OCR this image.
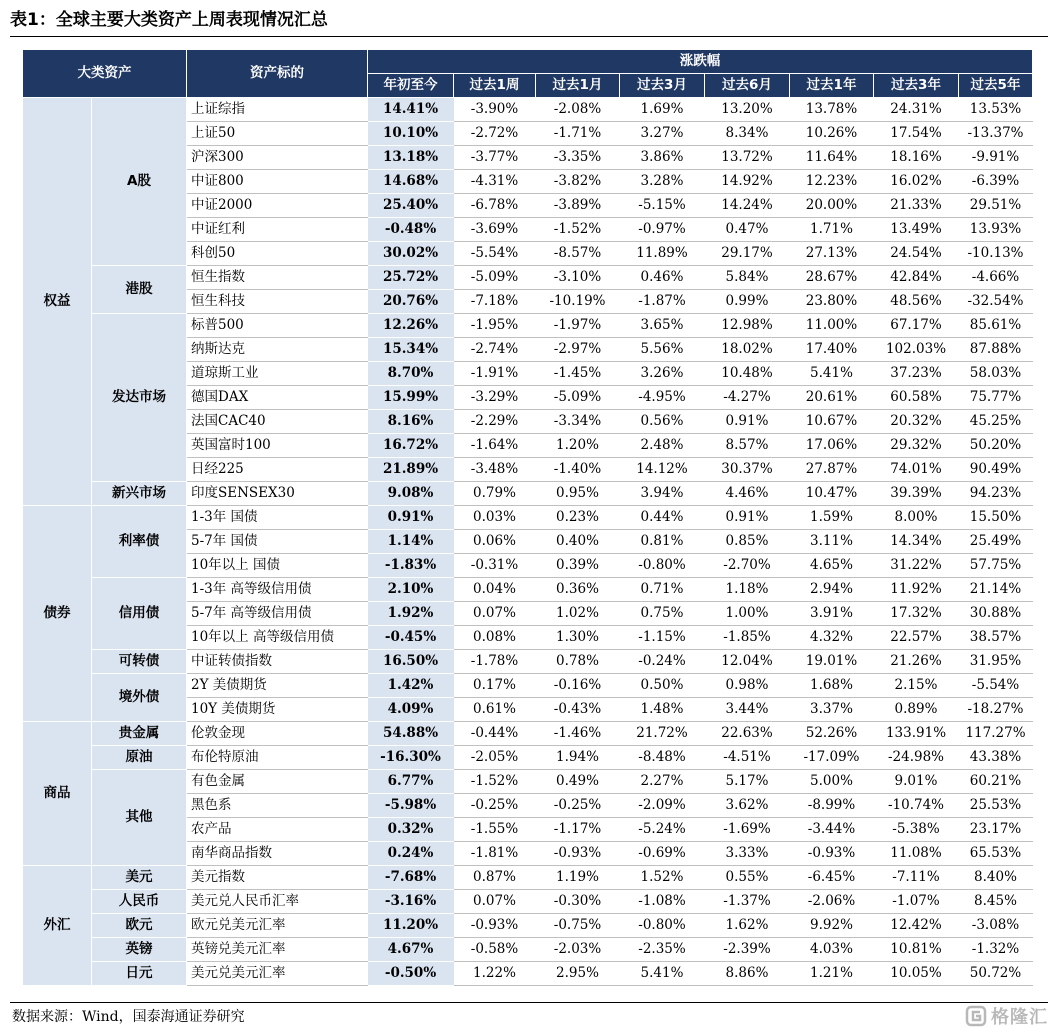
表1：全球主要大类资产上周表现情况汇总
大类资产		资产标的	涨跌幅							
			年初至今	过去1周	过去1月	过去3月	过去6月	过去1年	过去3年	过去5年
权益	A股	上证综指	14.41%	-3.90%	-2.08%	1.69%	13.20%	13.78%	24.31%	13.53%
		上证50	10.10%	-2.72%	-1.71%	3.27%	8.34%	10.26%	17.54%	-13.37%
		沪深300	13.18%	-3.77%	-3.35%	3.86%	13.72%	11.64%	18.16%	-9.91%
		中证800	14.68%	-4.31%	-3.82%	3.28%	14.92%	12.23%	16.02%	-6.39%
		中证2000	25.40%	-6.78%	-3.89%	-5.15%	14.24%	20.00%	21.33%	29.51%
		中证红利	-0.48%	-3.69%	-1.52%	-0.97%	0.47%	1.71%	13.49%	13.93%
		科创50	30.02%	-5.54%	-8.57%	11.89%	29.17%	27.13%	24.54%	-10.13%
	港股	恒生指数	25.72%	-5.09%	-3.10%	0.46%	5.84%	28.67%	42.84%	-4.66%
		恒生科技	20.76%	-7.18%	-10.19%	-1.87%	0.99%	23.80%	48.56%	-32.54%
	发达市场	标普500	12.26%	-1.95%	-1.97%	3.65%	12.98%	11.00%	67.17%	85.61%
		纳斯达克	15.34%	-2.74%	-2.97%	5.56%	18.02%	17.40%	102.03%	87.88%
		道琼斯工业	8.70%	-1.91%	-1.45%	3.26%	10.48%	5.41%	37.23%	58.03%
		德国DAX	15.99%	-3.29%	-5.09%	-4.95%	-4.27%	20.61%	60.58%	75.77%
		法国CAC40	8.16%	-2.29%	-3.34%	0.56%	0.91%	10.67%	20.32%	45.25%
		英国富时100	16.72%	-1.64%	1.20%	2.48%	8.57%	17.06%	29.32%	50.20%
		日经225	21.89%	-3.48%	-1.40%	14.12%	30.37%	27.87%	74.01%	90.49%
	新兴市场	印度SENSEX30	9.08%	0.79%	0.95%	3.94%	4.46%	10.47%	39.39%	94.23%
债券	利率债	1-3年 国债	0.91%	0.03%	0.23%	0.44%	0.91%	1.59%	8.00%	15.50%
		5-7年 国债	1.14%	0.06%	0.40%	0.81%	0.85%	3.11%	14.34%	25.49%
		10年以上 国债	-1.83%	-0.31%	0.39%	-0.80%	-2.70%	4.65%	31.22%	57.75%
	信用债	1-3年 高等级信用债	2.10%	0.04%	0.36%	0.71%	1.18%	2.94%	11.92%	21.14%
		5-7年 高等级信用债	1.92%	0.07%	1.02%	0.75%	1.00%	3.91%	17.32%	30.88%
		10年以上 高等级信用债	-0.45%	0.08%	1.30%	-1.15%	-1.85%	4.32%	22.57%	38.57%
	可转债	中证转债指数	16.50%	-1.78%	0.78%	-0.24%	12.04%	19.01%	21.26%	31.95%
	境外债	2Y 美债期货	1.42%	0.17%	-0.16%	0.50%	0.98%	1.68%	2.15%	-5.54%
		10Y 美债期货	4.09%	0.61%	-0.43%	1.48%	3.44%	3.37%	0.89%	-18.27%
商品	贵金属	伦敦金现	54.88%	-0.44%	-1.46%	21.72%	22.63%	52.26%	133.91%	117.27%
	原油	布伦特原油	-16.30%	-2.05%	1.94%	-8.48%	-4.51%	-17.09%	-24.98%	43.38%
	其他	有色金属	6.77%	-1.52%	0.49%	2.27%	5.17%	5.00%	9.01%	60.21%
		黑色系	-5.98%	-0.25%	-0.25%	-2.09%	3.62%	-8.99%	-10.74%	25.53%
		农产品	0.32%	-1.55%	-1.17%	-5.24%	-1.69%	-3.44%	-5.38%	23.17%
		南华商品指数	0.24%	-1.81%	-0.93%	-0.69%	3.33%	-0.93%	11.08%	65.53%
外汇	美元	美元指数	-7.68%	0.87%	1.19%	1.52%	0.55%	-6.45%	-7.11%	8.40%
	人民币	美元兑人民币汇率	-3.16%	0.07%	-0.30%	-1.08%	-1.37%	-2.06%	-1.07%	8.45%
	欧元	欧元兑美元汇率	11.20%	-0.93%	-0.75%	-0.80%	1.62%	9.92%	12.42%	-3.08%
	英镑	英镑兑美元汇率	4.67%	-0.58%	-2.03%	-2.35%	-2.39%	4.03%	10.81%	-1.32%
	日元	美元兑美元汇率	-0.50%	1.22%	2.95%	5.41%	8.86%	1.21%	10.05%	50.72%
数据来源：Wind，国泰海通证券研究	格隆汇
